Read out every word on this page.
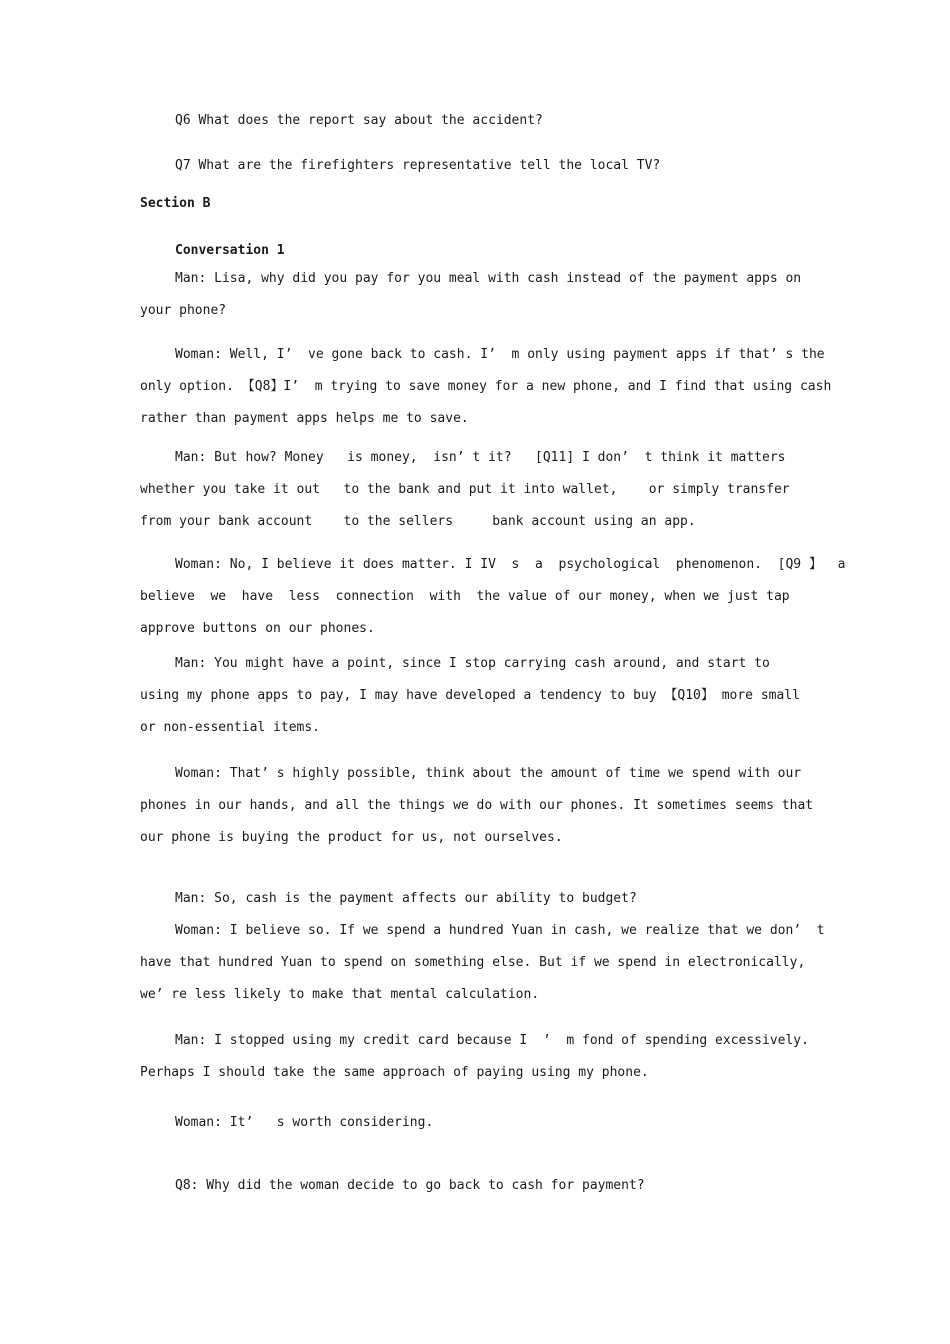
Q6 What does the report say about the accident?

Q7 What are the firefighters representative tell the local TV?

Section B

Conversation 1

Man: Lisa, why did you pay for you meal with cash instead of the payment apps on

your phone?

Woman: Well, I’  ve gone back to cash. I’  m only using payment apps if that’ s the

only option. 【Q8】I’  m trying to save money for a new phone, and I find that using cash

rather than payment apps helps me to save.

Man: But how? Money   is money,  isn’ t it?   [Q11] I don’  t think it matters

whether you take it out   to the bank and put it into wallet,    or simply transfer

from your bank account    to the sellers     bank account using an app.

Woman: No, I believe it does matter. I IV  s  a  psychological  phenomenon.  [Q9 】  a

believe  we  have  less  connection  with  the value of our money, when we just tap

approve buttons on our phones.

Man: You might have a point, since I stop carrying cash around, and start to

using my phone apps to pay, I may have developed a tendency to buy 【Q10】 more small

or non-essential items.

Woman: That’ s highly possible, think about the amount of time we spend with our

phones in our hands, and all the things we do with our phones. It sometimes seems that

our phone is buying the product for us, not ourselves.

Man: So, cash is the payment affects our ability to budget?

Woman: I believe so. If we spend a hundred Yuan in cash, we realize that we don’  t

have that hundred Yuan to spend on something else. But if we spend in electronically,

we’ re less likely to make that mental calculation.

Man: I stopped using my credit card because I  ’  m fond of spending excessively.

Perhaps I should take the same approach of paying using my phone.

Woman: It’   s worth considering.

Q8: Why did the woman decide to go back to cash for payment?
